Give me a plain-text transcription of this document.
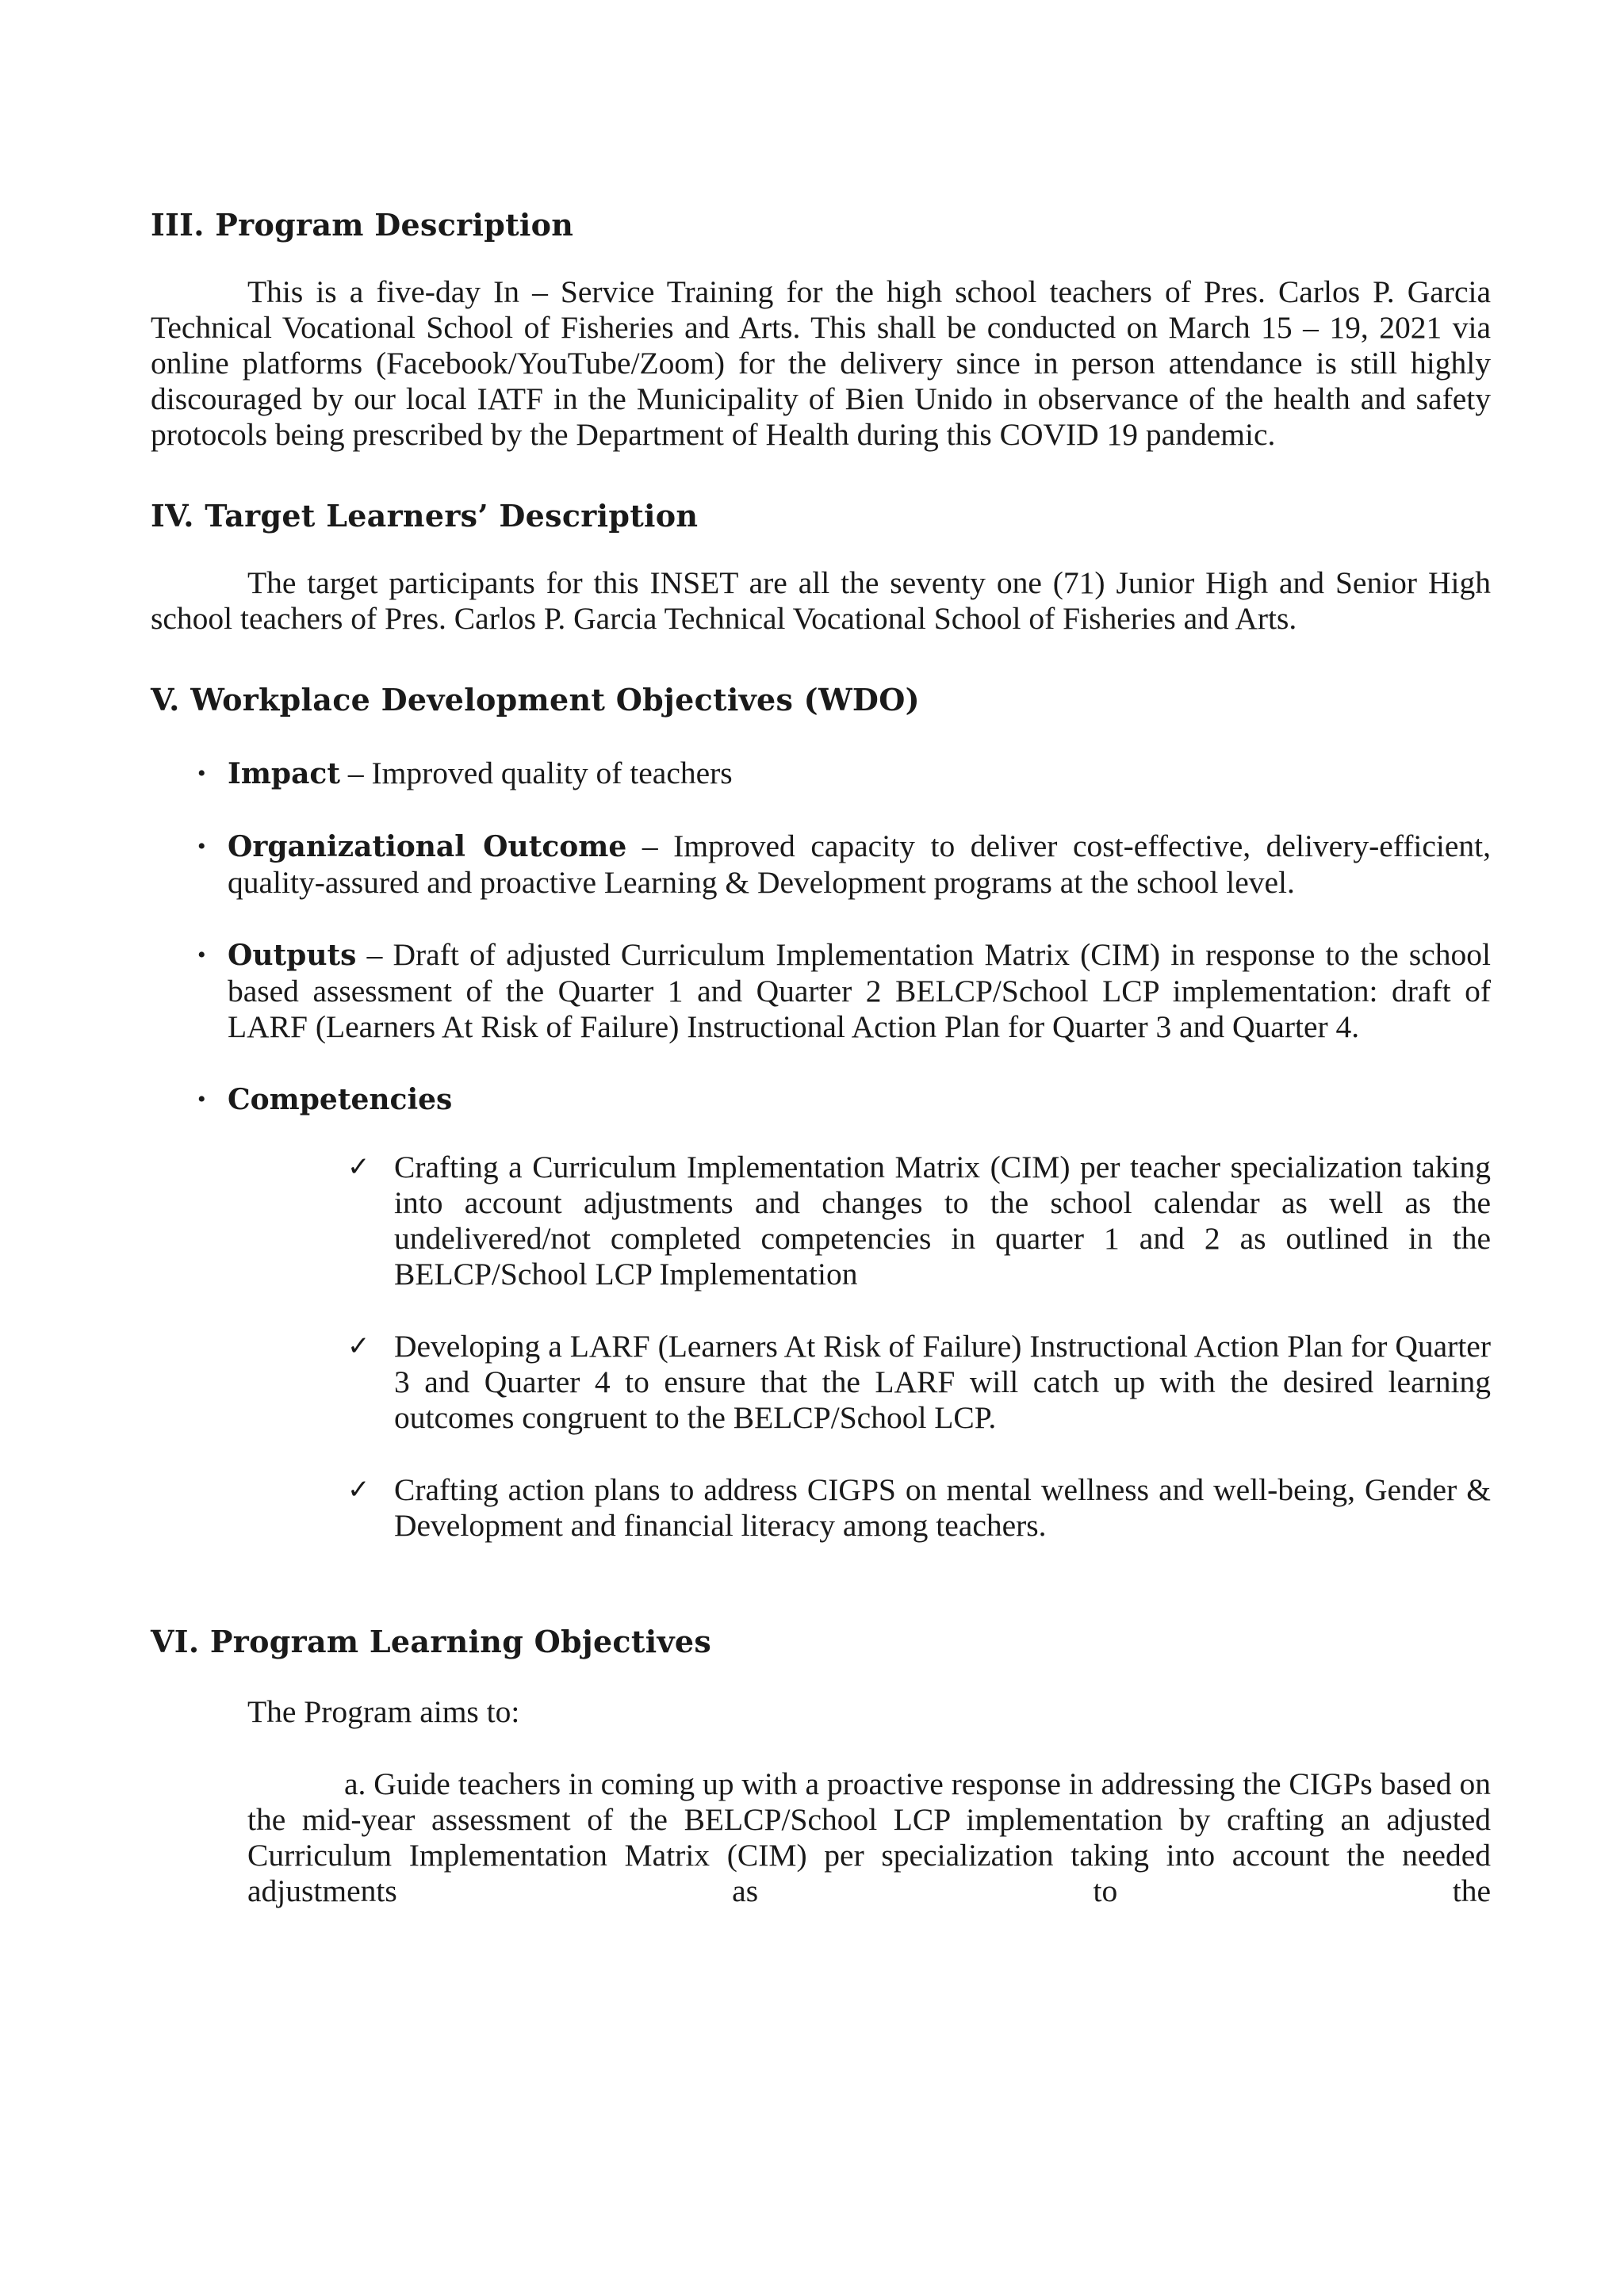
III. Program Description

This is a five-day In – Service Training for the high school teachers of Pres. Carlos P. Garcia Technical Vocational School of Fisheries and Arts. This shall be conducted on March 15 – 19, 2021 via online platforms (Facebook/YouTube/Zoom) for the delivery since in person attendance is still highly discouraged by our local IATF in the Municipality of Bien Unido in observance of the health and safety protocols being prescribed by the Department of Health during this COVID 19 pandemic.

IV. Target Learners’ Description

The target participants for this INSET are all the seventy one (71) Junior High and Senior High school teachers of Pres. Carlos P. Garcia Technical Vocational School of Fisheries and Arts.

V. Workplace Development Objectives (WDO)
• Impact – Improved quality of teachers
• Organizational Outcome – Improved capacity to deliver cost-effective, delivery-efficient, quality-assured and proactive Learning & Development programs at the school level.
• Outputs – Draft of adjusted Curriculum Implementation Matrix (CIM) in response to the school based assessment of the Quarter 1 and Quarter 2 BELCP/School LCP implementation: draft of LARF (Learners At Risk of Failure) Instructional Action Plan for Quarter 3 and Quarter 4.
• Competencies
✓ Crafting a Curriculum Implementation Matrix (CIM) per teacher specialization taking into account adjustments and changes to the school calendar as well as the undelivered/not completed competencies in quarter 1 and 2 as outlined in the BELCP/School LCP Implementation
✓ Developing a LARF (Learners At Risk of Failure) Instructional Action Plan for Quarter 3 and Quarter 4 to ensure that the LARF will catch up with the desired learning outcomes congruent to the BELCP/School LCP.
✓ Crafting action plans to address CIGPS on mental wellness and well-being, Gender & Development and financial literacy among teachers.
VI. Program Learning Objectives

The Program aims to:

a. Guide teachers in coming up with a proactive response in addressing the CIGPs based on the mid-year assessment of the BELCP/School LCP implementation by crafting an adjusted Curriculum Implementation Matrix (CIM) per specialization taking into account the needed adjustments as to the
